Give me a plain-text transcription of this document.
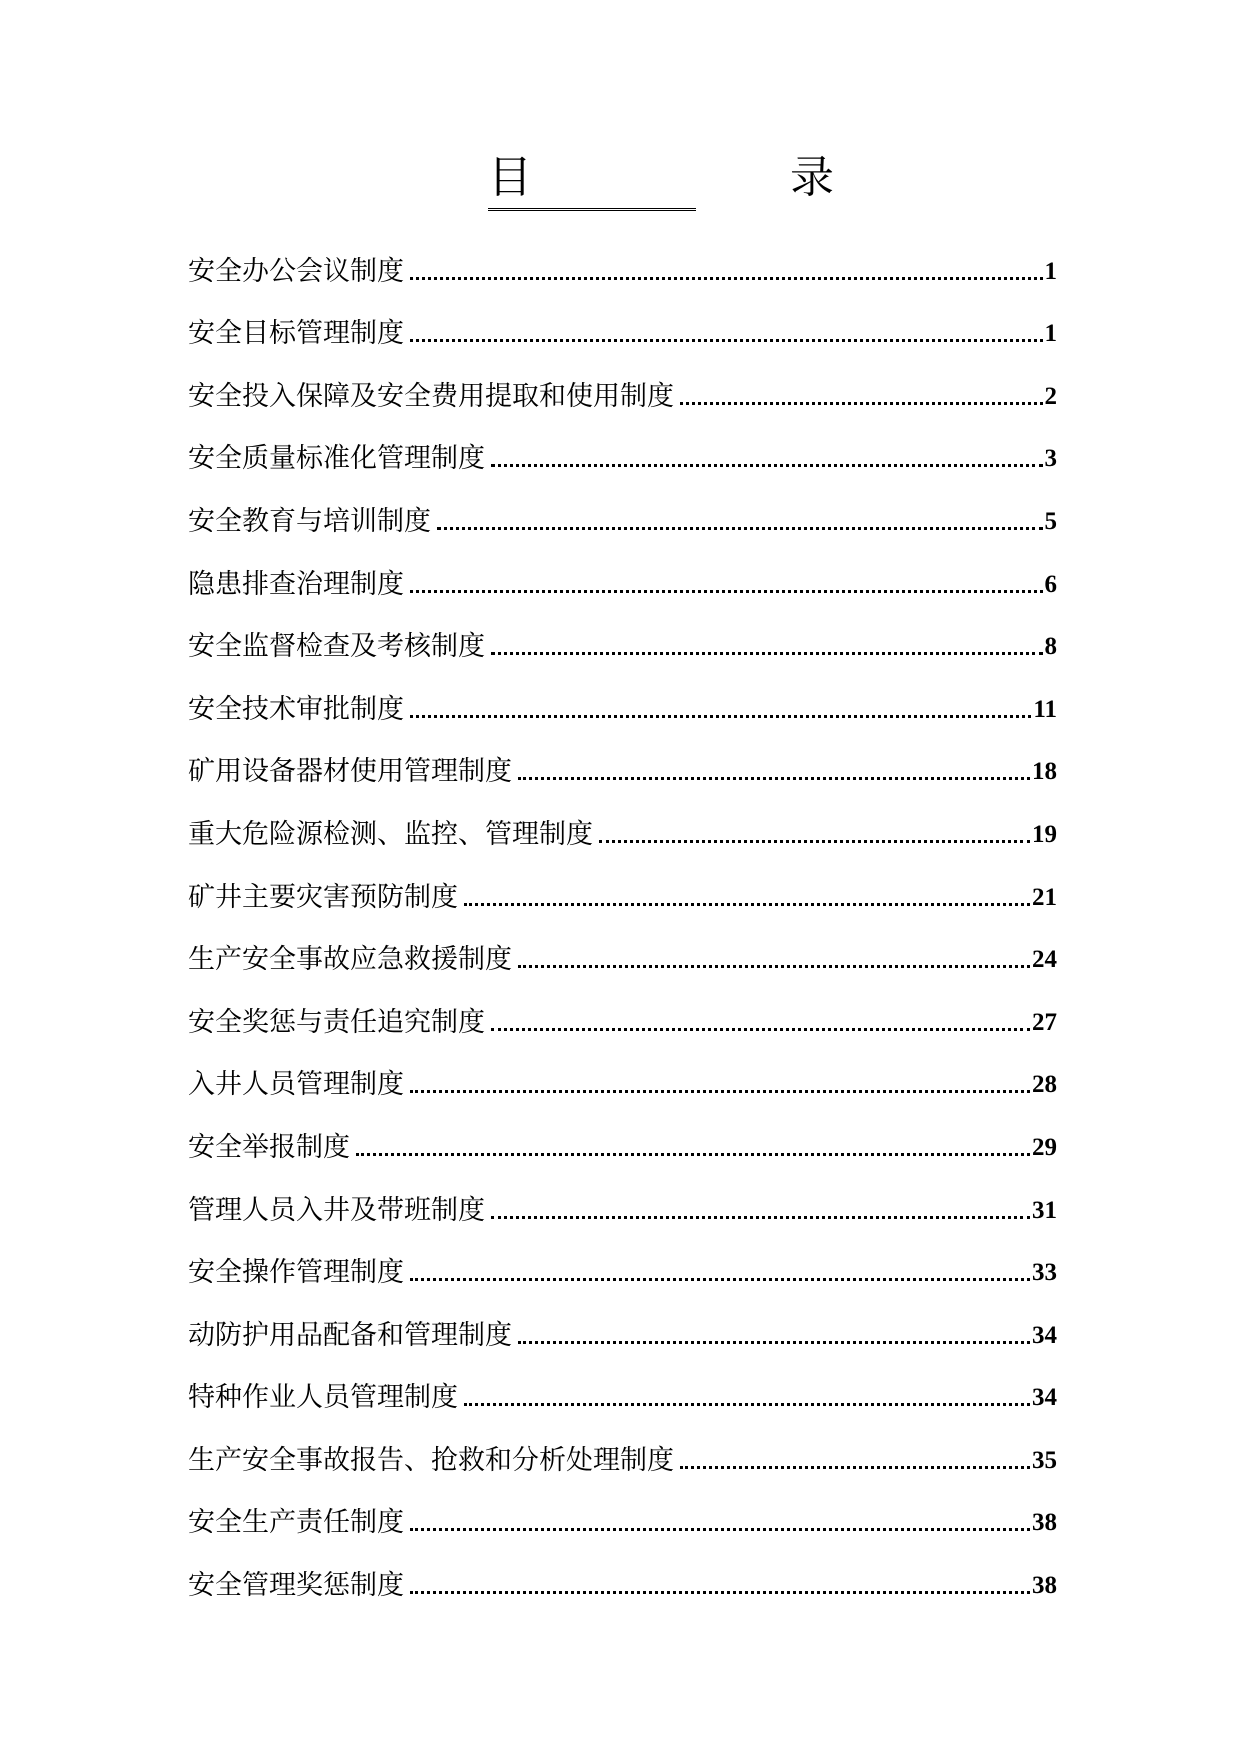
目    录
安全办公会议制度	1
安全目标管理制度	1
安全投入保障及安全费用提取和使用制度	2
安全质量标准化管理制度	3
安全教育与培训制度	5
隐患排查治理制度	6
安全监督检查及考核制度	8
安全技术审批制度	11
矿用设备器材使用管理制度	18
重大危险源检测、监控、管理制度	19
矿井主要灾害预防制度	21
生产安全事故应急救援制度	24
安全奖惩与责任追究制度	27
入井人员管理制度	28
安全举报制度	29
管理人员入井及带班制度	31
安全操作管理制度	33
动防护用品配备和管理制度	34
特种作业人员管理制度	34
生产安全事故报告、抢救和分析处理制度	35
安全生产责任制度	38
安全管理奖惩制度	38
